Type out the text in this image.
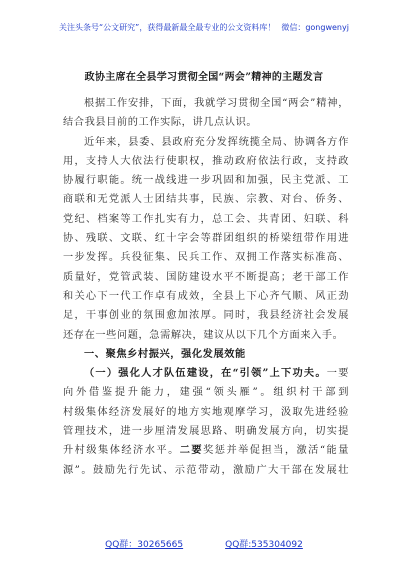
关注头条号“公文研究”，获得最新最全最专业的公文资料库！ 微信：gongwenyj
政协主席在全县学习贯彻全国“两会”精神的主题发言
根据工作安排，下面，我就学习贯彻全国“两会”精神，
结合我县目前的工作实际，讲几点认识。
近年来，县委、县政府充分发挥统揽全局、协调各方作
用，支持人大依法行使职权，推动政府依法行政，支持政
协履行职能。统一战线进一步巩固和加强，民主党派、工
商联和无党派人士团结共事，民族、宗教、对台、侨务、
党纪、档案等工作扎实有力，总工会、共青团、妇联、科
协、残联、文联、红十字会等群团组织的桥梁纽带作用进
一步发挥。兵役征集、民兵工作、双拥工作落实标准高、
质量好，党管武装、国防建设水平不断提高；老干部工作
和关心下一代工作卓有成效，全县上下心齐气顺、风正劲
足，干事创业的氛围愈加浓厚。同时，我县经济社会发展
还存在一些问题，急需解决，建议从以下几个方面来入手。
一、聚焦乡村振兴，强化发展效能
（一）强化人才队伍建设，在“引领”上下功夫。一要
向外借鉴提升能力，建强“领头雁”。组织村干部到
村级集体经济发展好的地方实地观摩学习，汲取先进经验
管理技术，进一步厘清发展思路、明确发展方向，切实提
升村级集体经济水平。二要奖惩并举促担当，激活“能量
源”。鼓励先行先试、示范带动，激励广大干部在发展壮
QQ群：30265665	QQ群:535304092
